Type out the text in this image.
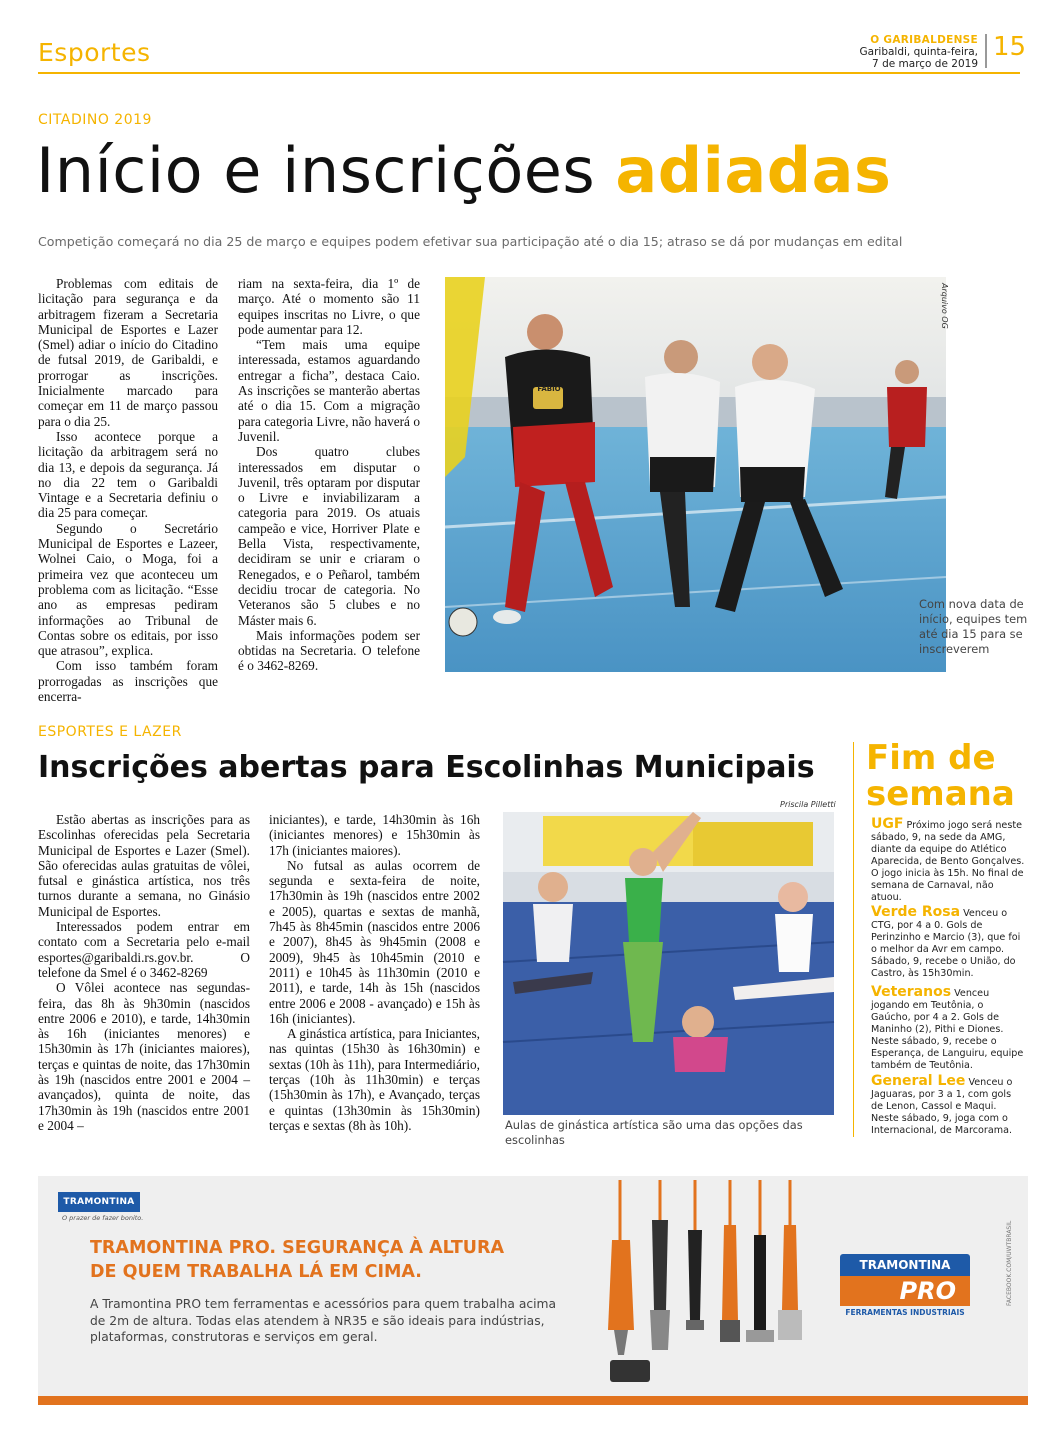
Esportes	O GARIBALDENSE
Garibaldi, quinta-feira,
7 de março de 2019
15
CITADINO 2019
Início e inscrições adiadas
Competição começará no dia 25 de março e equipes podem efetivar sua participação até o dia 15; atraso se dá por mudanças em edital

Problemas com editais de licitação para segurança e da arbitragem fizeram a Secretaria Municipal de Esportes e Lazer (Smel) adiar o início do Citadino de futsal 2019, de Garibaldi, e prorrogar as inscrições. Inicialmente marcado para começar em 11 de março passou para o dia 25.

Isso acontece porque a licitação da arbitragem será no dia 13, e depois da segurança. Já no dia 22 tem o Garibaldi Vintage e a Secretaria definiu o dia 25 para começar.

Segundo o Secretário Municipal de Esportes e Lazeer, Wolnei Caio, o Moga, foi a primeira vez que aconteceu um problema com as licitação. “Esse ano as empresas pediram informações ao Tribunal de Contas sobre os editais, por isso que atrasou”, explica.

Com isso também foram prorrogadas as inscrições que encerra-

riam na sexta-feira, dia 1º de março. Até o momento são 11 equipes inscritas no Livre, o que pode aumentar para 12.

“Tem mais uma equipe interessada, estamos aguardando entregar a ficha”, destaca Caio. As inscrições se manterão abertas até o dia 15. Com a migração para categoria Livre, não haverá o Juvenil.

Dos quatro clubes interessados em disputar o Juvenil, três optaram por disputar o Livre e inviabilizaram a categoria para 2019. Os atuais campeão e vice, Horriver Plate e Bella Vista, respectivamente, decidiram se unir e criaram o Renegados, e o Peñarol, também decidiu trocar de categoria. No Veteranos são 5 clubes e no Máster mais 6.

Mais informações podem ser obtidas na Secretaria. O telefone é o 3462-8269.

Arquivo OG
Com nova data de início, equipes tem até dia 15 para se inscreverem
FÁBIO
ESPORTES E LAZER
Inscrições abertas para Escolinhas Municipais

Estão abertas as inscrições para as Escolinhas oferecidas pela Secretaria Municipal de Esportes e Lazer (Smel). São oferecidas aulas gratuitas de vôlei, futsal e ginástica artística, nos três turnos durante a semana, no Ginásio Municipal de Esportes.

Interessados podem entrar em contato com a Secretaria pelo e-mail esportes@garibaldi.rs.gov.br. O telefone da Smel é o 3462-8269

O Vôlei acontece nas segundas-feira, das 8h às 9h30min (nascidos entre 2006 e 2010), e tarde, 14h30min às 16h (iniciantes menores) e 15h30min às 17h (iniciantes maiores), terças e quintas de noite, das 17h30min às 19h (nascidos entre 2001 e 2004 – avançados), quinta de noite, das 17h30min às 19h (nascidos entre 2001 e 2004 –

iniciantes), e tarde, 14h30min às 16h (iniciantes menores) e 15h30min às 17h (iniciantes maiores).

No futsal as aulas ocorrem de segunda e sexta-feira de noite, 17h30min às 19h (nascidos entre 2002 e 2005), quartas e sextas de manhã, 7h45 às 8h45min (nascidos entre 2006 e 2007), 8h45 às 9h45min (2008 e 2009), 9h45 às 10h45min (2010 e 2011) e 10h45 às 11h30min (2010 e 2011), e tarde, 14h às 15h (nascidos entre 2006 e 2008 - avançado) e 15h às 16h (iniciantes).

A ginástica artística, para Iniciantes, nas quintas (15h30 às 16h30min) e sextas (10h às 11h), para Intermediário, terças (10h às 11h30min) e terças (15h30min às 17h), e Avançado, terças e quintas (13h30min às 15h30min) terças e sextas (8h às 10h).

Priscila Pilletti
Aulas de ginástica artística são uma das opções das escolinhas
Fim de
semana
UGF Próximo jogo será neste sábado, 9, na sede da AMG, diante da equipe do Atlético Aparecida, de Bento Gonçalves. O jogo inicia às 15h. No final de semana de Carnaval, não atuou.
Verde Rosa Venceu o CTG, por 4 a 0. Gols de Perinzinho e Marcio (3), que foi o melhor da Avr em campo. Sábado, 9, recebe o União, do Castro, às 15h30min.
Veteranos Venceu jogando em Teutônia, o Gaúcho, por 4 a 2. Gols de Maninho (2), Pithi e Diones. Neste sábado, 9, recebe o Esperança, de Languiru, equipe também de Teutônia.
General Lee Venceu o Jaguaras, por 3 a 1, com gols de Lenon, Cassol e Maqui. Neste sábado, 9, joga com o Internacional, de Marcorama.
TRAMONTINA
O prazer de fazer bonito.
TRAMONTINA PRO. SEGURANÇA À ALTURA
DE QUEM TRABALHA LÁ EM CIMA.
A Tramontina PRO tem ferramentas e acessórios para quem trabalha acima de 2m de altura. Todas elas atendem à NR35 e são ideais para indústrias, plataformas, construtoras e serviços em geral.
TRAMONTINA
PRO
FERRAMENTAS INDUSTRIAIS
FACEBOOK.COM/UWTBRASIL
